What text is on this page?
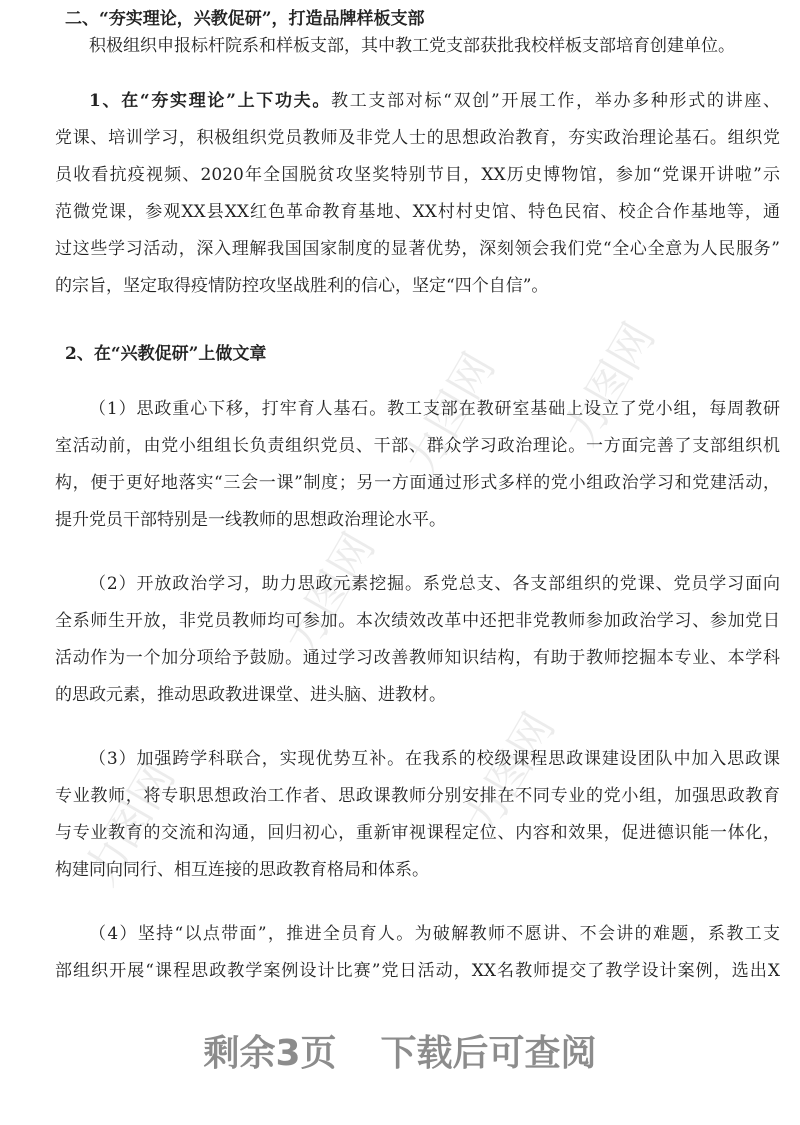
力图网 力图网
力图网
力图网
力图网
二、“夯实理论，兴教促研”，打造品牌样板支部
积极组织申报标杆院系和样板支部，其中教工党支部获批我校样板支部培育创建单位。
1、在“夯实理论”上下功夫。教工支部对标“双创”开展工作，举办多种形式的讲座、
党课、培训学习，积极组织党员教师及非党人士的思想政治教育，夯实政治理论基石。组织党
员收看抗疫视频、2020年全国脱贫攻坚奖特别节目，XX历史博物馆，参加“党课开讲啦”示
范微党课，参观XX县XX红色革命教育基地、XX村村史馆、特色民宿、校企合作基地等，通
过这些学习活动，深入理解我国国家制度的显著优势，深刻领会我们党“全心全意为人民服务”
的宗旨，坚定取得疫情防控攻坚战胜利的信心，坚定“四个自信”。
2、在“兴教促研”上做文章
（1）思政重心下移，打牢育人基石。教工支部在教研室基础上设立了党小组，每周教研
室活动前，由党小组组长负责组织党员、干部、群众学习政治理论。一方面完善了支部组织机
构，便于更好地落实“三会一课”制度；另一方面通过形式多样的党小组政治学习和党建活动，
提升党员干部特别是一线教师的思想政治理论水平。
（2）开放政治学习，助力思政元素挖掘。系党总支、各支部组织的党课、党员学习面向
全系师生开放，非党员教师均可参加。本次绩效改革中还把非党教师参加政治学习、参加党日
活动作为一个加分项给予鼓励。通过学习改善教师知识结构，有助于教师挖掘本专业、本学科
的思政元素，推动思政教进课堂、进头脑、进教材。
（3）加强跨学科联合，实现优势互补。在我系的校级课程思政课建设团队中加入思政课
专业教师，将专职思想政治工作者、思政课教师分别安排在不同专业的党小组，加强思政教育
与专业教育的交流和沟通，回归初心，重新审视课程定位、内容和效果，促进德识能一体化，
构建同向同行、相互连接的思政教育格局和体系。
（4）坚持“以点带面”，推进全员育人。为破解教师不愿讲、不会讲的难题，系教工支
部组织开展“课程思政教学案例设计比赛”党日活动，XX名教师提交了教学设计案例，选出X
剩余3页 下载后可查阅
